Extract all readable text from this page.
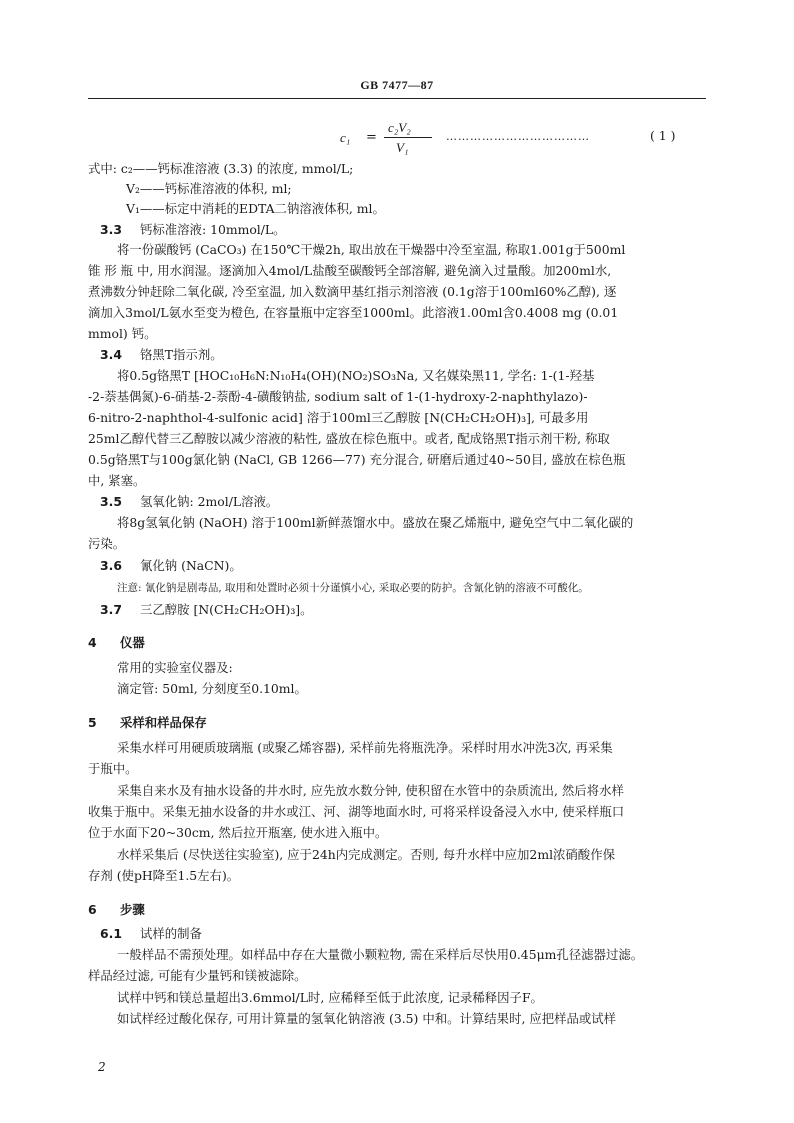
GB 7477—87
c₁ =
c₂V₂
V₁
………………………………	( 1 )
式中: c₂——钙标准溶液 (3.3) 的浓度, mmol/L;
V₂——钙标准溶液的体积, ml;
V₁——标定中消耗的EDTA二钠溶液体积, ml。
3.3 钙标准溶液: 10mmol/L。
将一份碳酸钙 (CaCO₃) 在150℃干燥2h, 取出放在干燥器中冷至室温, 称取1.001g于500ml
锥 形 瓶 中, 用水润湿。逐滴加入4mol/L盐酸至碳酸钙全部溶解, 避免滴入过量酸。加200ml水,
煮沸数分钟赶除二氧化碳, 冷至室温, 加入数滴甲基红指示剂溶液 (0.1g溶于100ml60%乙醇), 逐
滴加入3mol/L氨水至变为橙色, 在容量瓶中定容至1000ml。此溶液1.00ml含0.4008 mg (0.01
mmol) 钙。
3.4 铬黑T指示剂。
将0.5g铬黑T [HOC₁₀H₆N:N₁₀H₄(OH)(NO₂)SO₃Na, 又名媒染黑11, 学名: 1-(1-羟基
-2-萘基偶氮)-6-硝基-2-萘酚-4-磺酸钠盐, sodium salt of 1-(1-hydroxy-2-naphthylazo)-
6-nitro-2-naphthol-4-sulfonic acid] 溶于100ml三乙醇胺 [N(CH₂CH₂OH)₃], 可最多用
25ml乙醇代替三乙醇胺以减少溶液的粘性, 盛放在棕色瓶中。或者, 配成铬黑T指示剂干粉, 称取
0.5g铬黑T与100g氯化钠 (NaCl, GB 1266—77) 充分混合, 研磨后通过40~50目, 盛放在棕色瓶
中, 紧塞。
3.5 氢氧化钠: 2mol/L溶液。
将8g氢氧化钠 (NaOH) 溶于100ml新鲜蒸馏水中。盛放在聚乙烯瓶中, 避免空气中二氧化碳的
污染。
3.6 氰化钠 (NaCN)。
注意: 氰化钠是剧毒品, 取用和处置时必须十分谨慎小心, 采取必要的防护。含氰化钠的溶液不可酸化。
3.7 三乙醇胺 [N(CH₂CH₂OH)₃]。
4 仪器
常用的实验室仪器及:
滴定管: 50ml, 分刻度至0.10ml。
5 采样和样品保存
采集水样可用硬质玻璃瓶 (或聚乙烯容器), 采样前先将瓶洗净。采样时用水冲洗3次, 再采集
于瓶中。
采集自来水及有抽水设备的井水时, 应先放水数分钟, 使积留在水管中的杂质流出, 然后将水样
收集于瓶中。采集无抽水设备的井水或江、河、湖等地面水时, 可将采样设备浸入水中, 使采样瓶口
位于水面下20~30cm, 然后拉开瓶塞, 使水进入瓶中。
水样采集后 (尽快送往实验室), 应于24h内完成测定。否则, 每升水样中应加2ml浓硝酸作保
存剂 (使pH降至1.5左右)。
6 步骤
6.1 试样的制备
一般样品不需预处理。如样品中存在大量微小颗粒物, 需在采样后尽快用0.45μm孔径滤器过滤。
样品经过滤, 可能有少量钙和镁被滤除。
试样中钙和镁总量超出3.6mmol/L时, 应稀释至低于此浓度, 记录稀释因子F。
如试样经过酸化保存, 可用计算量的氢氧化钠溶液 (3.5) 中和。计算结果时, 应把样品或试样
2
